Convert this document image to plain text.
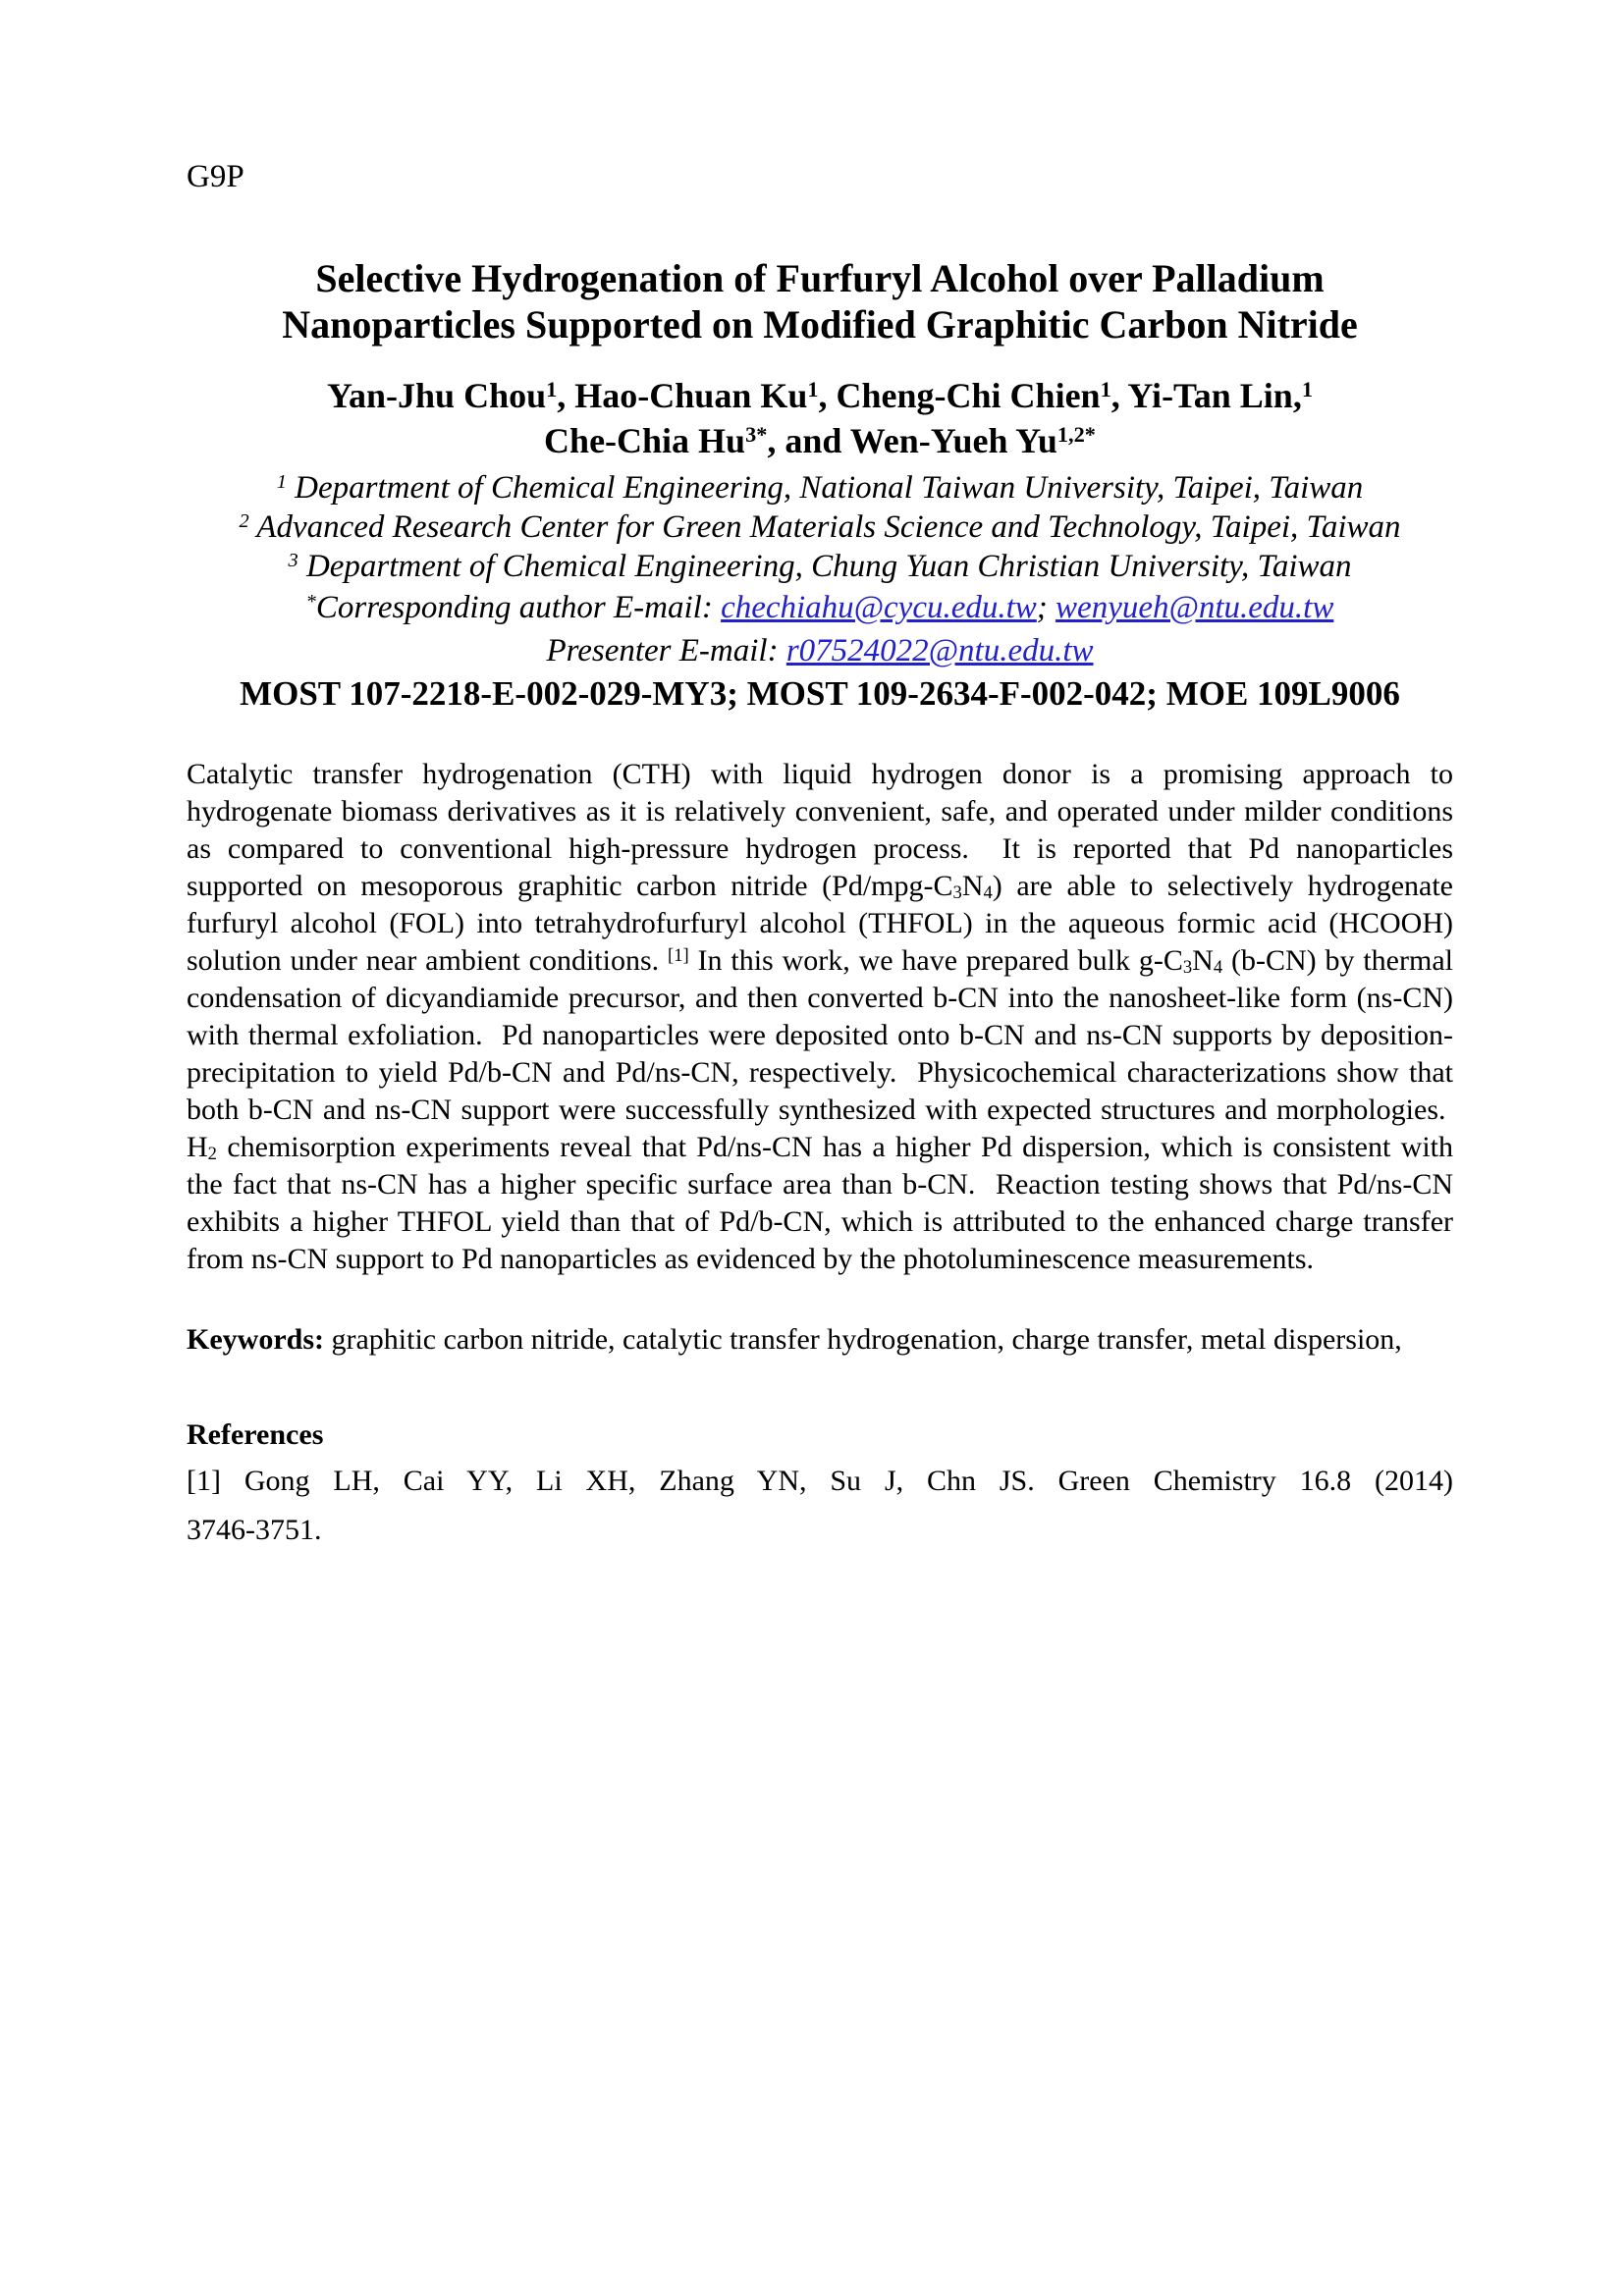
G9P
Selective Hydrogenation of Furfuryl Alcohol over Palladium
Nanoparticles Supported on Modified Graphitic Carbon Nitride
Yan-Jhu Chou$^1$, Hao-Chuan Ku$^1$, Cheng-Chi Chien$^1$, Yi-Tan Lin,$^1$
Che-Chia $Hu^{3*}$, and Wen-Yueh $Yu^{1,2*}$
$^1$ Department of Chemical Engineering, National Taiwan University, Taipei, Taiwan
$^2$ Advanced Research Center for Green Materials Science and Technology, Taipei, Taiwan
$^3$ Department of Chemical Engineering, Chung Yuan Christian University, Taiwan
*Corresponding author E-mail: chechiahu@cycu.edu.tw; wenyueh@ntu.edu.tw
Presenter E-mail: r07524022@ntu.edu.tw
MOST 107-2218-E-002-029-MY3; MOST 109-2634-F-002-042; MOE 109L9006

Catalytic transfer hydrogenation (CTH) with liquid hydrogen donor is a promising approach to hydrogenate biomass derivatives as it is relatively convenient, safe, and operated under milder conditions as compared to conventional high-pressure hydrogen process.  It is reported that Pd nanoparticles supported on mesoporous graphitic carbon nitride (Pd/mpg-C3N4) are able to selectively hydrogenate furfuryl alcohol (FOL) into tetrahydrofurfuryl alcohol (THFOL) in the aqueous formic acid (HCOOH) solution under near ambient conditions. [1] In this work, we have prepared bulk g-C3N4 (b-CN) by thermal condensation of dicyandiamide precursor, and then converted b-CN into the nanosheet-like form (ns-CN) with thermal exfoliation.  Pd nanoparticles were deposited onto b-CN and ns-CN supports by deposition-precipitation to yield Pd/b-CN and Pd/ns-CN, respectively.  Physicochemical characterizations show that both b-CN and ns-CN support were successfully synthesized with expected structures and morphologies.  H2 chemisorption experiments reveal that Pd/ns-CN has a higher Pd dispersion, which is consistent with the fact that ns-CN has a higher specific surface area than b-CN.  Reaction testing shows that Pd/ns-CN exhibits a higher THFOL yield than that of Pd/b-CN, which is attributed to the enhanced charge transfer from ns-CN support to Pd nanoparticles as evidenced by the photoluminescence measurements.

Keywords: graphitic carbon nitride, catalytic transfer hydrogenation, charge transfer, metal dispersion,

References
[1] Gong LH, Cai YY, Li XH, Zhang YN, Su J, Chn JS. Green Chemistry 16.8 (2014)
3746-3751.
